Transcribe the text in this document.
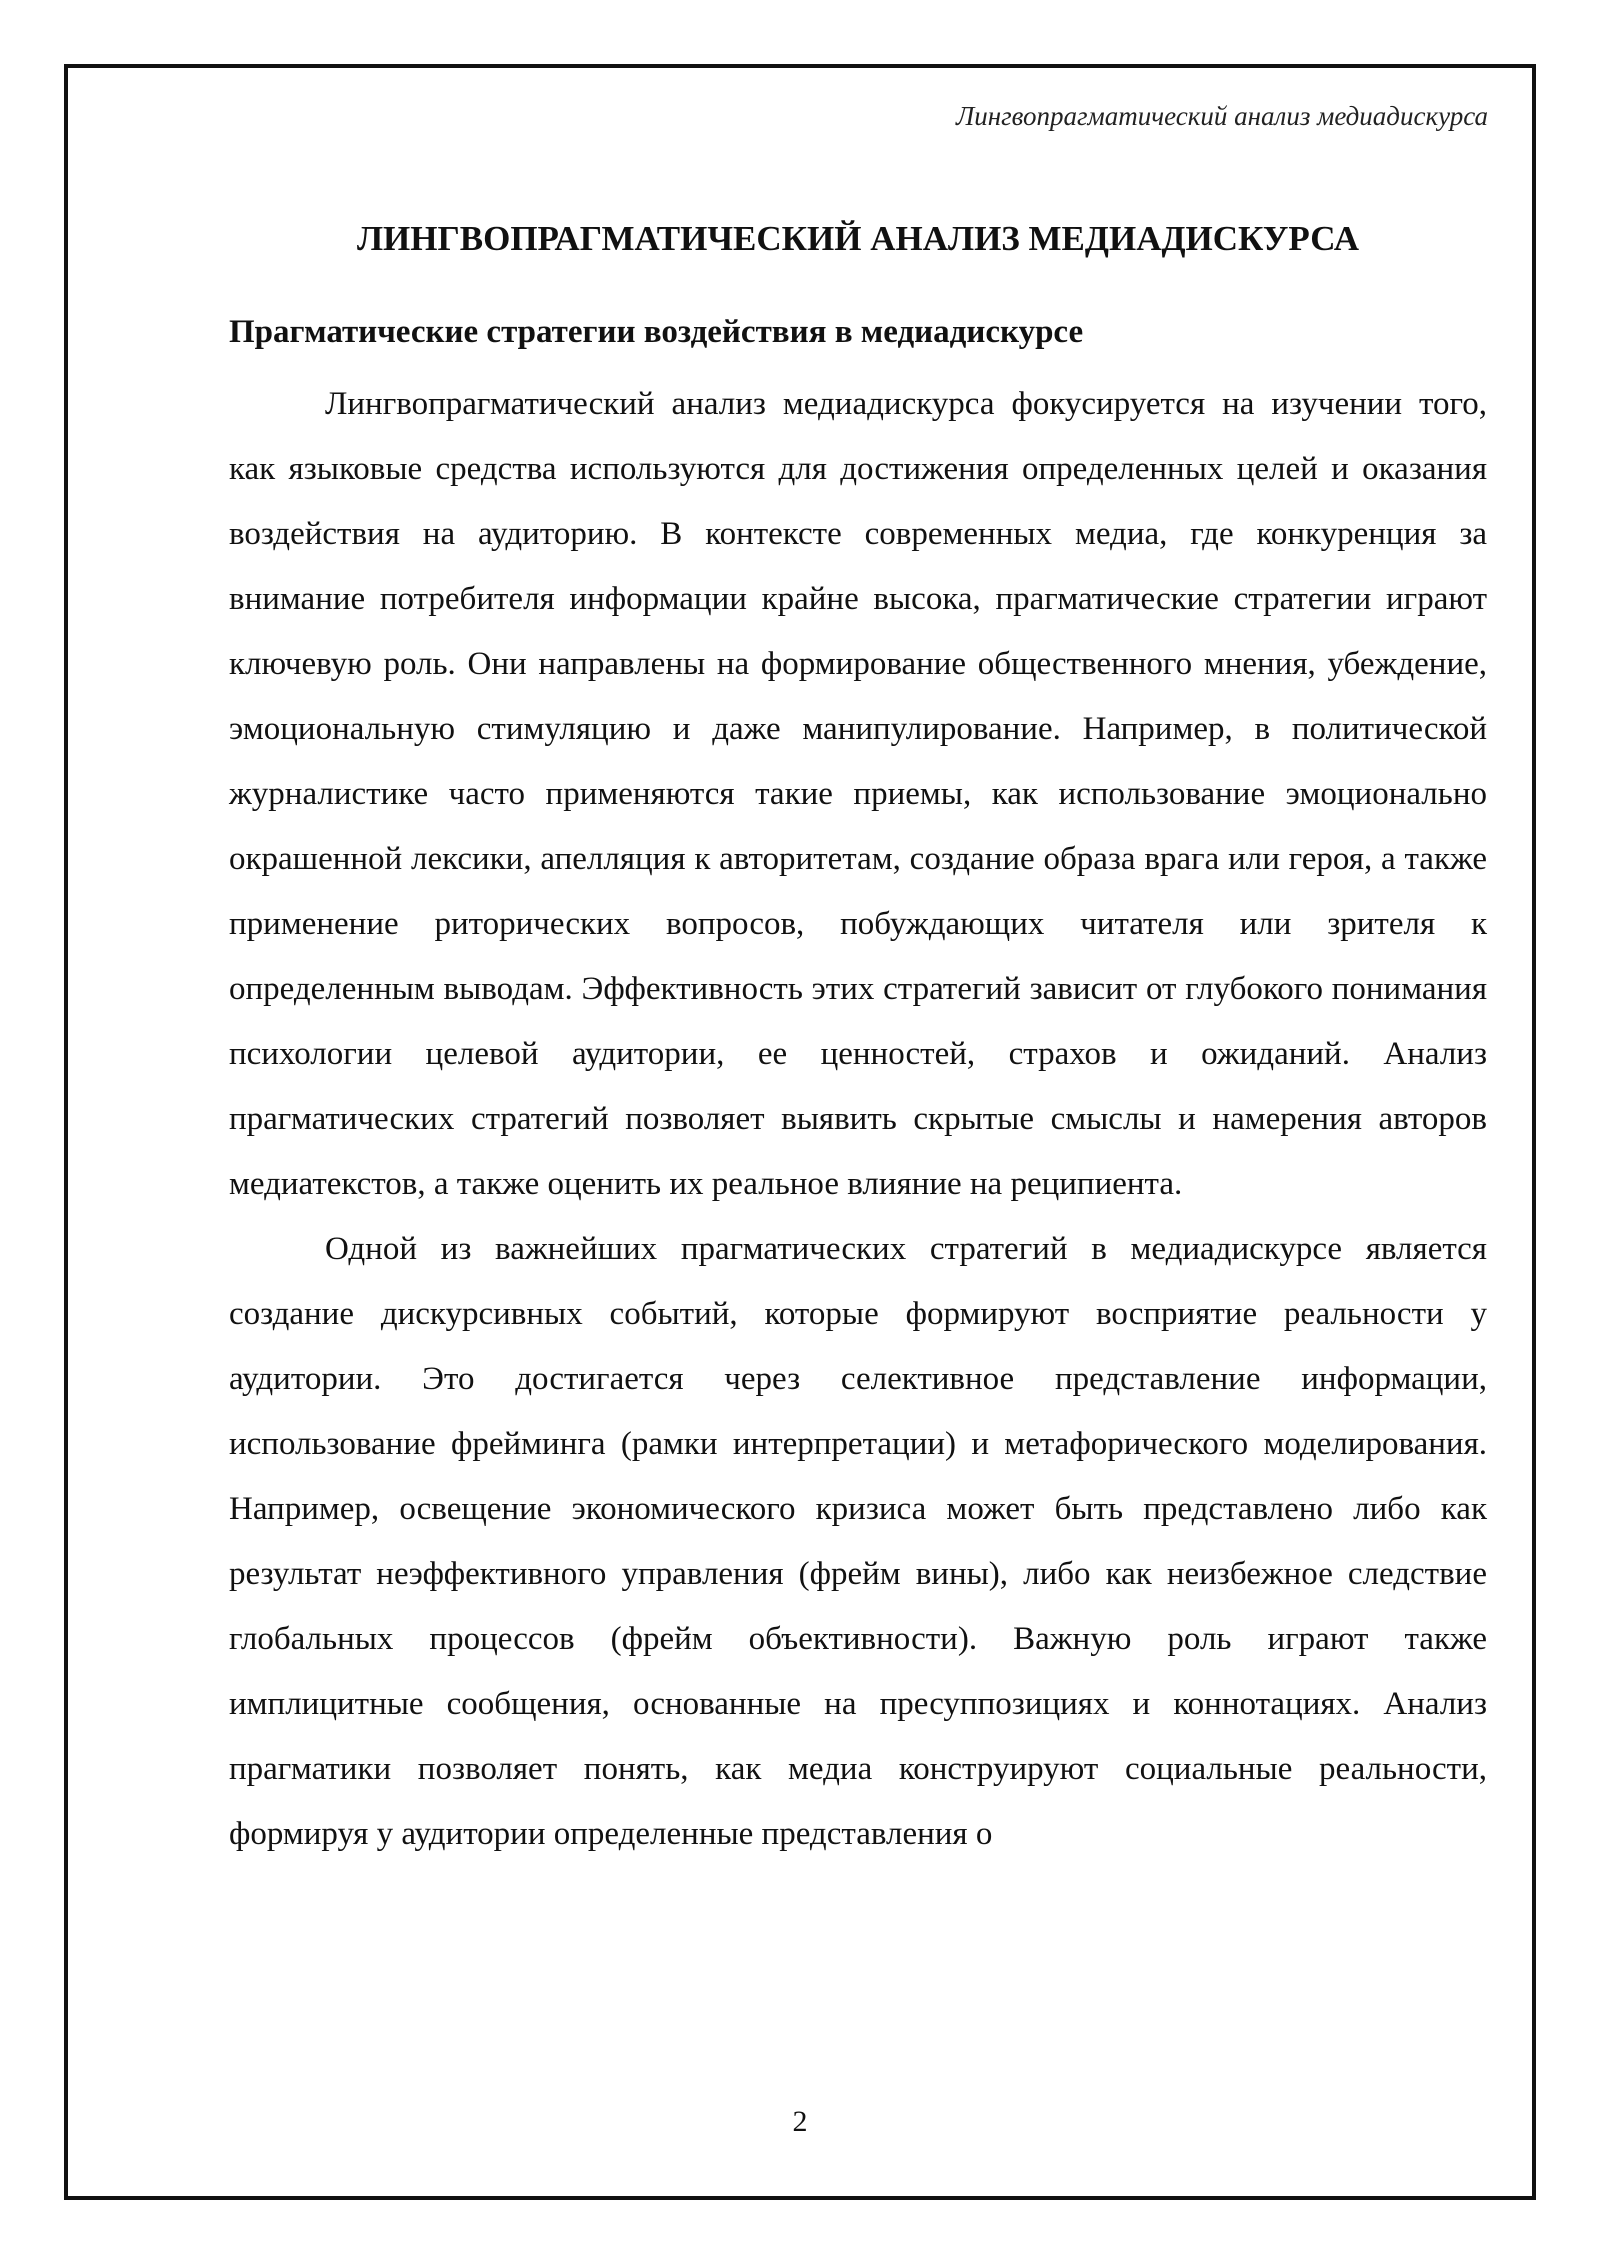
Лингвопрагматический анализ медиадискурса
ЛИНГВОПРАГМАТИЧЕСКИЙ АНАЛИЗ МЕДИАДИСКУРСА
Прагматические стратегии воздействия в медиадискурсе

Лингвопрагматический анализ медиадискурса фокусируется на изучении того, как языковые средства используются для достижения определенных целей и оказания воздействия на аудиторию. В контексте современных медиа, где конкуренция за внимание потребителя информации крайне высока, прагматические стратегии играют ключевую роль. Они направлены на формирование общественного мнения, убеждение, эмоциональную стимуляцию и даже манипулирование. Например, в политической журналистике часто применяются такие приемы, как использование эмоционально окрашенной лексики, апелляция к авторитетам, создание образа врага или героя, а также применение риторических вопросов, побуждающих читателя или зрителя к определенным выводам. Эффективность этих стратегий зависит от глубокого понимания психологии целевой аудитории, ее ценностей, страхов и ожиданий. Анализ прагматических стратегий позволяет выявить скрытые смыслы и намерения авторов медиатекстов, а также оценить их реальное влияние на реципиента.

Одной из важнейших прагматических стратегий в медиадискурсе является создание дискурсивных событий, которые формируют восприятие реальности у аудитории. Это достигается через селективное представление информации, использование фрейминга (рамки интерпретации) и метафорического моделирования. Например, освещение экономического кризиса может быть представлено либо как результат неэффективного управления (фрейм вины), либо как неизбежное следствие глобальных процессов (фрейм объективности). Важную роль играют также имплицитные сообщения, основанные на пресуппозициях и коннотациях. Анализ прагматики позволяет понять, как медиа конструируют социальные реальности, формируя у аудитории определенные представления о

2
